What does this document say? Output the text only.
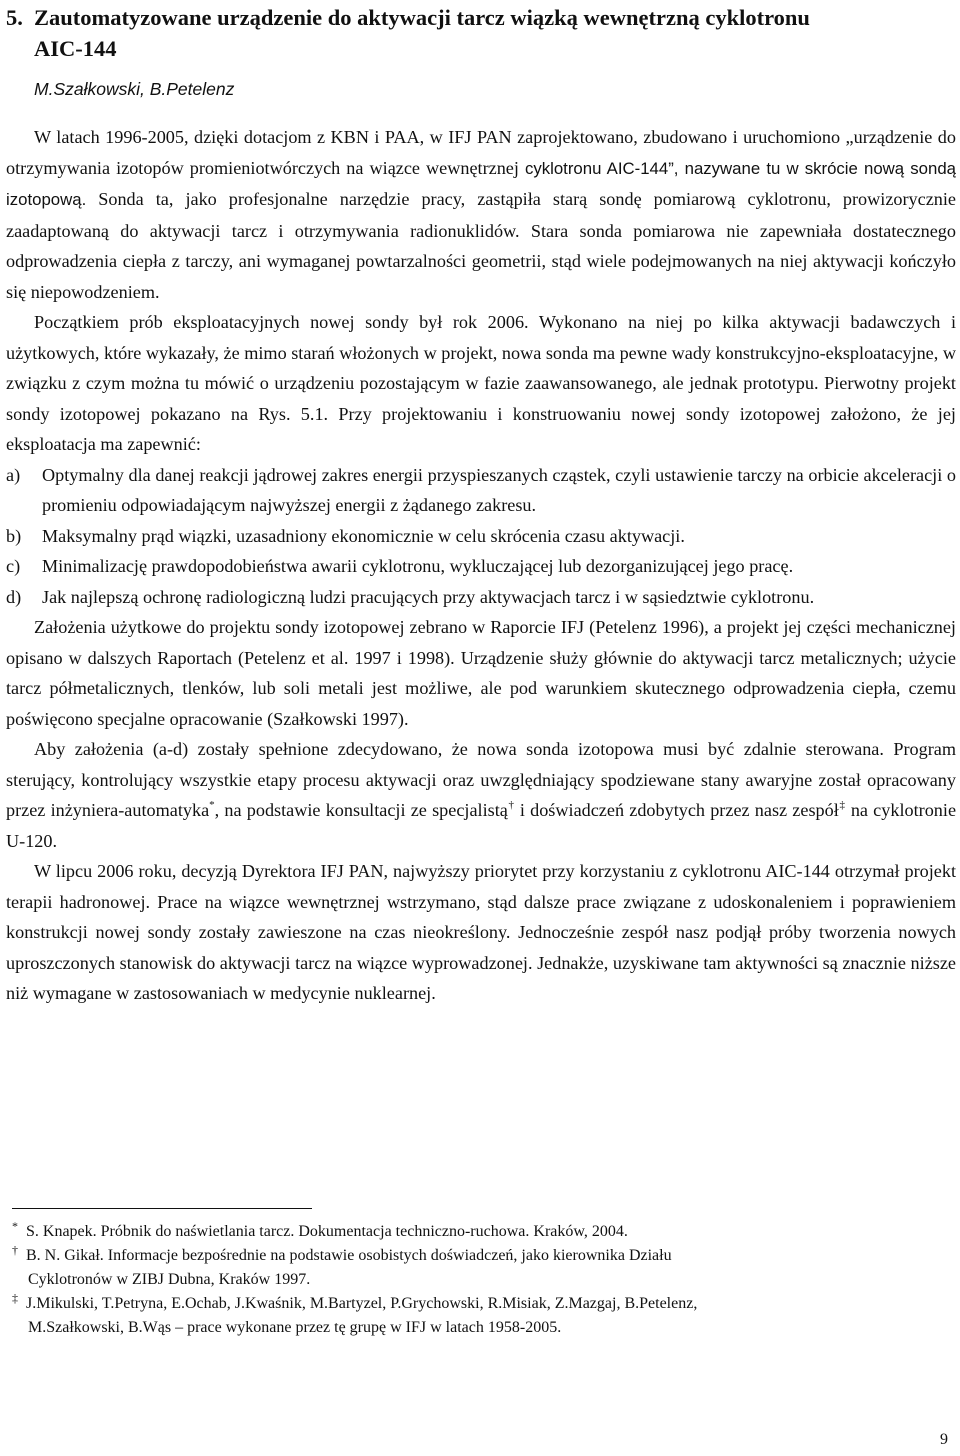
5. Zautomatyzowane urządzenie do aktywacji tarcz wiązką wewnętrzną cyklotronu
AIC-144
M.Szałkowski, B.Petelenz

W latach 1996-2005, dzięki dotacjom z KBN i PAA, w IFJ PAN zaprojektowano, zbudowano i uruchomiono „urządzenie do otrzymywania izotopów promieniotwórczych na wiązce wewnętrznej cyklotronu AIC-144”, nazywane tu w skrócie nową sondą izotopową. Sonda ta, jako profesjonalne narzędzie pracy, zastąpiła starą sondę pomiarową cyklotronu, prowizorycznie zaadaptowaną do aktywacji tarcz i otrzymywania radionuklidów. Stara sonda pomiarowa nie zapewniała dostatecznego odprowadzenia ciepła z tarczy, ani wymaganej powtarzalności geometrii, stąd wiele podejmowanych na niej aktywacji kończyło się niepowodzeniem.

Początkiem prób eksploatacyjnych nowej sondy był rok 2006. Wykonano na niej po kilka aktywacji badawczych i użytkowych, które wykazały, że mimo starań włożonych w projekt, nowa sonda ma pewne wady konstrukcyjno-eksploatacyjne, w związku z czym można tu mówić o urządzeniu pozostającym w fazie zaawansowanego, ale jednak prototypu. Pierwotny projekt sondy izotopowej pokazano na Rys. 5.1. Przy projektowaniu i konstruowaniu nowej sondy izotopowej założono, że jej eksploatacja ma zapewnić:

a) Optymalny dla danej reakcji jądrowej zakres energii przyspieszanych cząstek, czyli ustawienie tarczy na orbicie akceleracji o promieniu odpowiadającym najwyższej energii z żądanego zakresu.

b) Maksymalny prąd wiązki, uzasadniony ekonomicznie w celu skrócenia czasu aktywacji.

c) Minimalizację prawdopodobieństwa awarii cyklotronu, wykluczającej lub dezorganizującej jego pracę.

d) Jak najlepszą ochronę radiologiczną ludzi pracujących przy aktywacjach tarcz i w sąsiedztwie cyklotronu.

Założenia użytkowe do projektu sondy izotopowej zebrano w Raporcie IFJ (Petelenz 1996), a projekt jej części mechanicznej opisano w dalszych Raportach (Petelenz et al. 1997 i 1998). Urządzenie służy głównie do aktywacji tarcz metalicznych; użycie tarcz półmetalicznych, tlenków, lub soli metali jest możliwe, ale pod warunkiem skutecznego odprowadzenia ciepła, czemu poświęcono specjalne opracowanie (Szałkowski 1997).

Aby założenia (a-d) zostały spełnione zdecydowano, że nowa sonda izotopowa musi być zdalnie sterowana. Program sterujący, kontrolujący wszystkie etapy procesu aktywacji oraz uwzględniający spodziewane stany awaryjne został opracowany przez inżyniera-automatyka*, na podstawie konsultacji ze specjalistą† i doświadczeń zdobytych przez nasz zespół‡ na cyklotronie U-120.

W lipcu 2006 roku, decyzją Dyrektora IFJ PAN, najwyższy priorytet przy korzystaniu z cyklotronu AIC-144 otrzymał projekt terapii hadronowej. Prace na wiązce wewnętrznej wstrzymano, stąd dalsze prace związane z udoskonaleniem i poprawieniem konstrukcji nowej sondy zostały zawieszone na czas nieokreślony. Jednocześnie zespół nasz podjął próby tworzenia nowych uproszczonych stanowisk do aktywacji tarcz na wiązce wyprowadzonej. Jednakże, uzyskiwane tam aktywności są znacznie niższe niż wymagane w zastosowaniach w medycynie nuklearnej.

* S. Knapek. Próbnik do naświetlania tarcz. Dokumentacja techniczno-ruchowa. Kraków, 2004.
† B. N. Gikał. Informacje bezpośrednie na podstawie osobistych doświadczeń, jako kierownika Działu
Cyklotronów w ZIBJ Dubna, Kraków 1997.
‡ J.Mikulski, T.Petryna, E.Ochab, J.Kwaśnik, M.Bartyzel, P.Grychowski, R.Misiak, Z.Mazgaj, B.Petelenz,
M.Szałkowski, B.Wąs – prace wykonane przez tę grupę w IFJ w latach 1958-2005.
9
